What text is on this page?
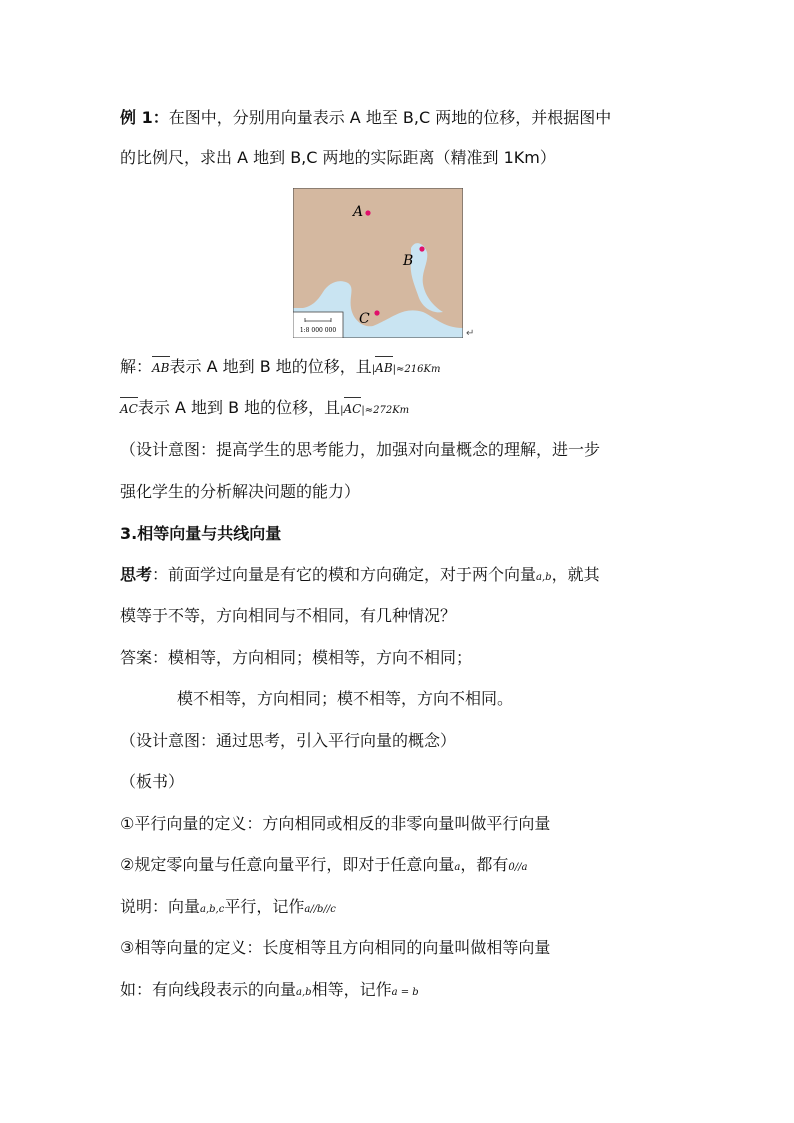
例 1：在图中，分别用向量表示 A 地至 B,C 两地的位移，并根据图中
的比例尺，求出 A 地到 B,C 两地的实际距离（精准到 1Km）
1:8 000 000
A
B
C
↵
解：AB表示 A 地到 B 地的位移，且|AB|≈216Km
AC表示 A 地到 B 地的位移，且|AC|≈272Km
（设计意图：提高学生的思考能力，加强对向量概念的理解，进一步
强化学生的分析解决问题的能力）
3.相等向量与共线向量
思考：前面学过向量是有它的模和方向确定，对于两个向量a,b，就其
模等于不等，方向相同与不相同，有几种情况？
答案：模相等，方向相同；模相等，方向不相同；
模不相等，方向相同；模不相等，方向不相同。
（设计意图：通过思考，引入平行向量的概念）
（板书）
①平行向量的定义：方向相同或相反的非零向量叫做平行向量
②规定零向量与任意向量平行，即对于任意向量a，都有0//a
说明：向量a,b,c平行，记作a//b//c
③相等向量的定义：长度相等且方向相同的向量叫做相等向量
如：有向线段表示的向量a,b相等，记作a = b
